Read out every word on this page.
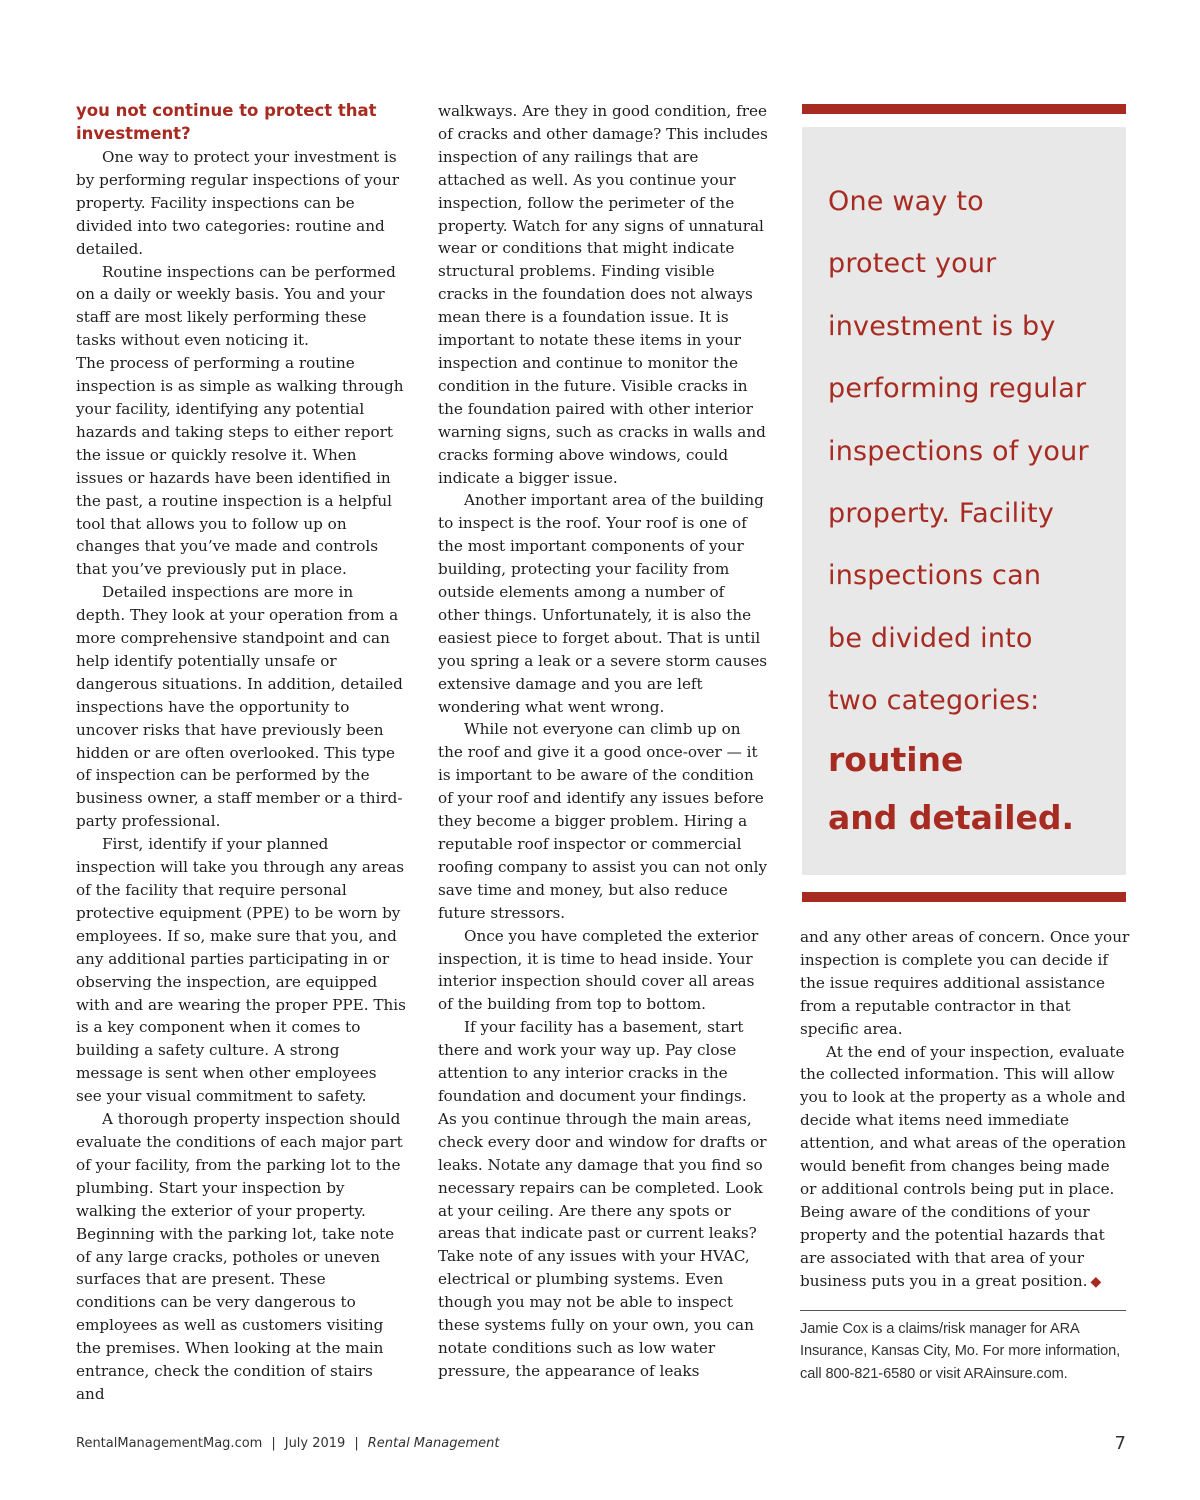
you not continue to protect that investment?

One way to protect your investment is by performing regular inspections of your property. Facility inspections can be divided into two categories: routine and detailed.

Routine inspections can be performed on a daily or weekly basis. You and your staff are most likely performing these tasks without even noticing it.

The process of performing a routine inspection is as simple as walking through your facility, identifying any potential hazards and taking steps to either report the issue or quickly resolve it. When issues or hazards have been identified in the past, a routine inspection is a helpful tool that allows you to follow up on changes that you’ve made and controls that you’ve previously put in place.

Detailed inspections are more in depth. They look at your operation from a more comprehensive standpoint and can help identify potentially unsafe or dangerous situations. In addition, detailed inspections have the opportunity to uncover risks that have previously been hidden or are often overlooked. This type of inspection can be performed by the business owner, a staff member or a third-party professional.

First, identify if your planned inspection will take you through any areas of the facility that require personal protective equipment (PPE) to be worn by employees. If so, make sure that you, and any additional parties participating in or observing the inspection, are equipped with and are wearing the proper PPE. This is a key component when it comes to building a safety culture. A strong message is sent when other employees see your visual commitment to safety.

A thorough property inspection should evaluate the conditions of each major part of your facility, from the parking lot to the plumbing. Start your inspection by walking the exterior of your property. Beginning with the parking lot, take note of any large cracks, potholes or uneven surfaces that are present. These conditions can be very dangerous to employees as well as customers visiting the premises. When looking at the main entrance, check the condition of stairs and

walkways. Are they in good condition, free of cracks and other damage? This includes inspection of any railings that are attached as well. As you continue your inspection, follow the perimeter of the property. Watch for any signs of unnatural wear or conditions that might indicate structural problems. Finding visible cracks in the foundation does not always mean there is a foundation issue. It is important to notate these items in your inspection and continue to monitor the condition in the future. Visible cracks in the foundation paired with other interior warning signs, such as cracks in walls and cracks forming above windows, could indicate a bigger issue.

Another important area of the building to inspect is the roof. Your roof is one of the most important components of your building, protecting your facility from outside elements among a number of other things. Unfortunately, it is also the easiest piece to forget about. That is until you spring a leak or a severe storm causes extensive damage and you are left wondering what went wrong.

While not everyone can climb up on the roof and give it a good once-over — it is important to be aware of the condition of your roof and identify any issues before they become a bigger problem. Hiring a reputable roof inspector or commercial roofing company to assist you can not only save time and money, but also reduce future stressors.

Once you have completed the exterior inspection, it is time to head inside. Your interior inspection should cover all areas of the building from top to bottom.

If your facility has a basement, start there and work your way up. Pay close attention to any interior cracks in the foundation and document your findings. As you continue through the main areas, check every door and window for drafts or leaks. Notate any damage that you find so necessary repairs can be completed. Look at your ceiling. Are there any spots or areas that indicate past or current leaks? Take note of any issues with your HVAC, electrical or plumbing systems. Even though you may not be able to inspect these systems fully on your own, you can notate conditions such as low water pressure, the appearance of leaks

One way to

protect your

investment is by

performing regular

inspections of your

property. Facility

inspections can

be divided into

two categories:

routine

and detailed.

and any other areas of concern. Once your inspection is complete you can decide if the issue requires additional assistance from a reputable contractor in that specific area.

At the end of your inspection, evaluate the collected information. This will allow you to look at the property as a whole and decide what items need immediate attention, and what areas of the operation would benefit from changes being made or additional controls being put in place. Being aware of the conditions of your property and the potential hazards that are associated with that area of your business puts you in a great position. ◆

Jamie Cox is a claims/risk manager for ARA Insurance, Kansas City, Mo. For more information, call 800-821-6580 or visit ARAinsure.com.

RentalManagementMag.com | July 2019 | Rental Management	7
